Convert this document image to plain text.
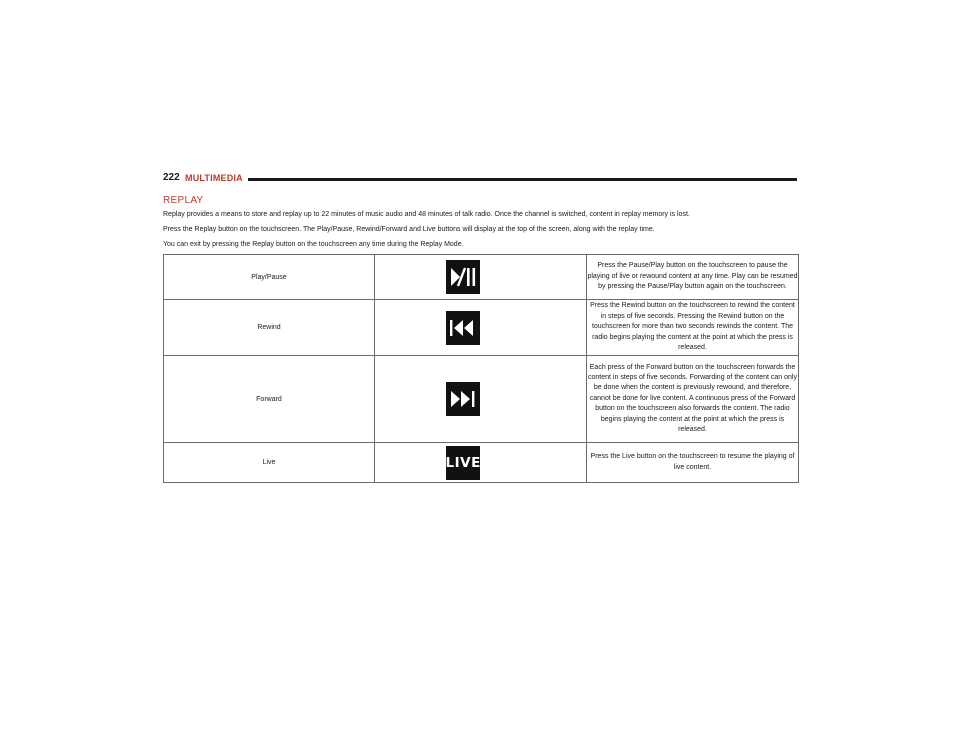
222 MULTIMEDIA
REPLAY
Replay provides a means to store and replay up to 22 minutes of music audio and 48 minutes of talk radio. Once the channel is switched, content in replay memory is lost.
Press the Replay button on the touchscreen. The Play/Pause, Rewind/Forward and Live buttons will display at the top of the screen, along with the replay time.
You can exit by pressing the Replay button on the touchscreen any time during the Replay Mode.
Play/Pause		Press the Pause/Play button on the touchscreen to pause the playing of live or rewound content at any time. Play can be resumed by pressing the Pause/Play button again on the touchscreen.
Rewind		Press the Rewind button on the touchscreen to rewind the content in steps of five seconds. Pressing the Rewind button on the touchscreen for more than two seconds rewinds the content. The radio begins playing the content at the point at which the press is released.
Forward		Each press of the Forward button on the touchscreen forwards the content in steps of five seconds. Forwarding of the content can only be done when the content is previously rewound, and therefore, cannot be done for live content. A continuous press of the Forward button on the touchscreen also forwards the content. The radio begins playing the content at the point at which the press is released.
Live	LIVE	Press the Live button on the touchscreen to resume the playing of live content.
